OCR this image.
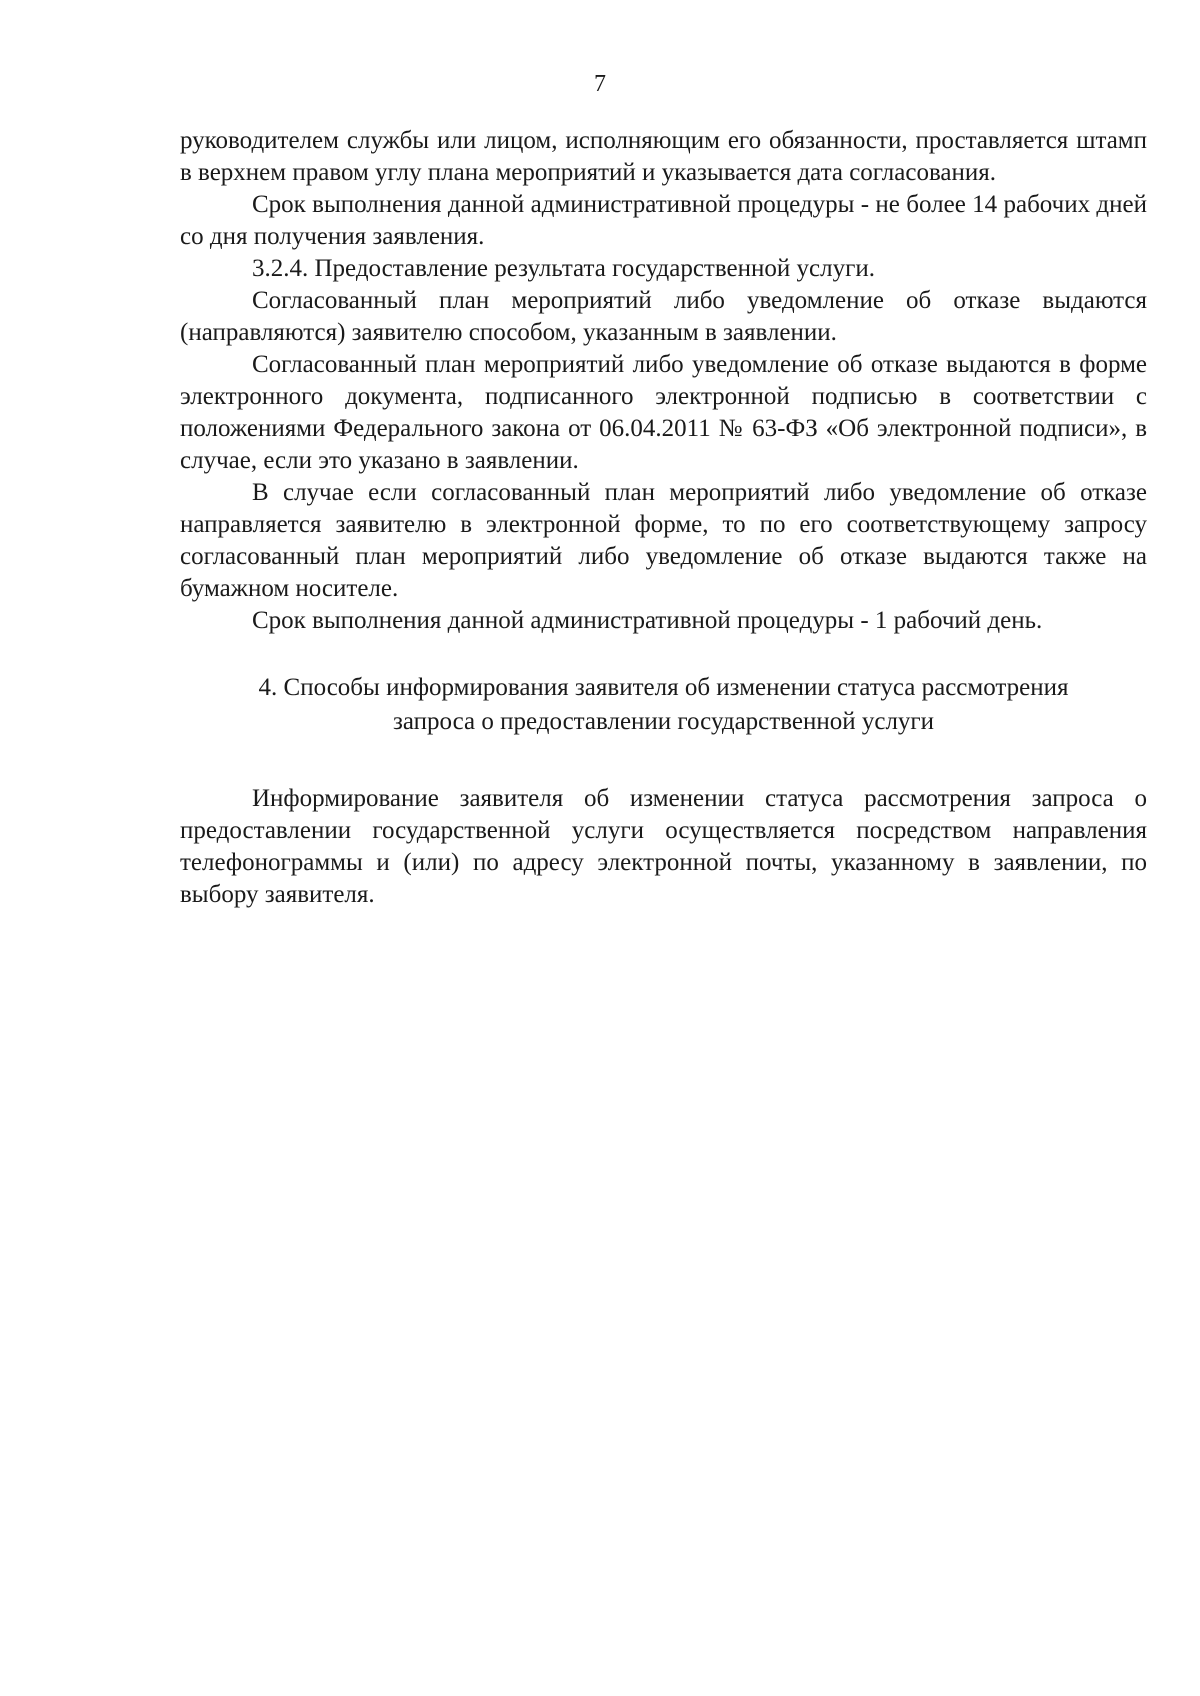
7

руководителем службы или лицом, исполняющим его обязанности, проставляется штамп в верхнем правом углу плана мероприятий и указывается дата согласования.

Срок выполнения данной административной процедуры - не более 14 рабочих дней со дня получения заявления.

3.2.4. Предоставление результата государственной услуги.

Согласованный план мероприятий либо уведомление об отказе выдаются (направляются) заявителю способом, указанным в заявлении.

Согласованный план мероприятий либо уведомление об отказе выдаются в форме электронного документа, подписанного электронной подписью в соответствии с положениями Федерального закона от 06.04.2011 № 63-ФЗ «Об электронной подписи», в случае, если это указано в заявлении.

В случае если согласованный план мероприятий либо уведомление об отказе направляется заявителю в электронной форме, то по его соответствующему запросу согласованный план мероприятий либо уведомление об отказе выдаются также на бумажном носителе.

Срок выполнения данной административной процедуры - 1 рабочий день.

4. Способы информирования заявителя об изменении статуса рассмотрения
запроса о предоставлении государственной услуги

Информирование заявителя об изменении статуса рассмотрения запроса о предоставлении государственной услуги осуществляется посредством направления телефонограммы и (или) по адресу электронной почты, указанному в заявлении, по выбору заявителя.
